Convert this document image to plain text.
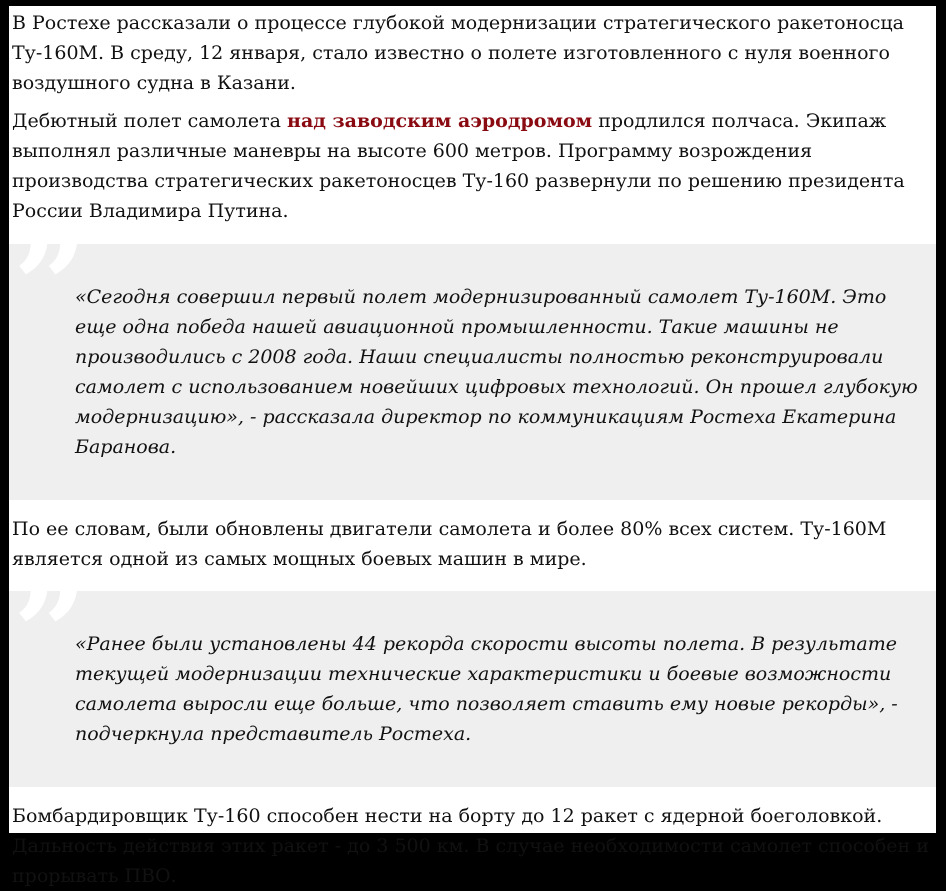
В Ростехе рассказали о процессе глубокой модернизации стратегического ракетоносца Ту-160М. В среду, 12 января, стало известно о полете изготовленного с нуля военного воздушного судна в Казани.

Дебютный полет самолета над заводским аэродромом продлился полчаса. Экипаж выполнял различные маневры на высоте 600 метров. Программу возрождения производства стратегических ракетоносцев Ту-160 развернули по решению президента России Владимира Путина.

”

«Сегодня совершил первый полет модернизированный самолет Ту-160М. Это еще одна победа нашей авиационной промышленности. Такие машины не производились с 2008 года. Наши специалисты полностью реконструировали самолет с использованием новейших цифровых технологий. Он прошел глубокую модернизацию», - рассказала директор по коммуникациям Ростеха Екатерина Баранова.

По ее словам, были обновлены двигатели самолета и более 80% всех систем. Ту-160М является одной из самых мощных боевых машин в мире.

”

«Ранее были установлены 44 рекорда скорости высоты полета. В результате текущей модернизации технические характеристики и боевые возможности самолета выросли еще больше, что позволяет ставить ему новые рекорды», - подчеркнула представитель Ростеха.

Бомбардировщик Ту-160 способен нести на борту до 12 ракет с ядерной боеголовкой. Дальность действия этих ракет - до 3 500 км. В случае необходимости самолет способен и прорывать ПВО.
